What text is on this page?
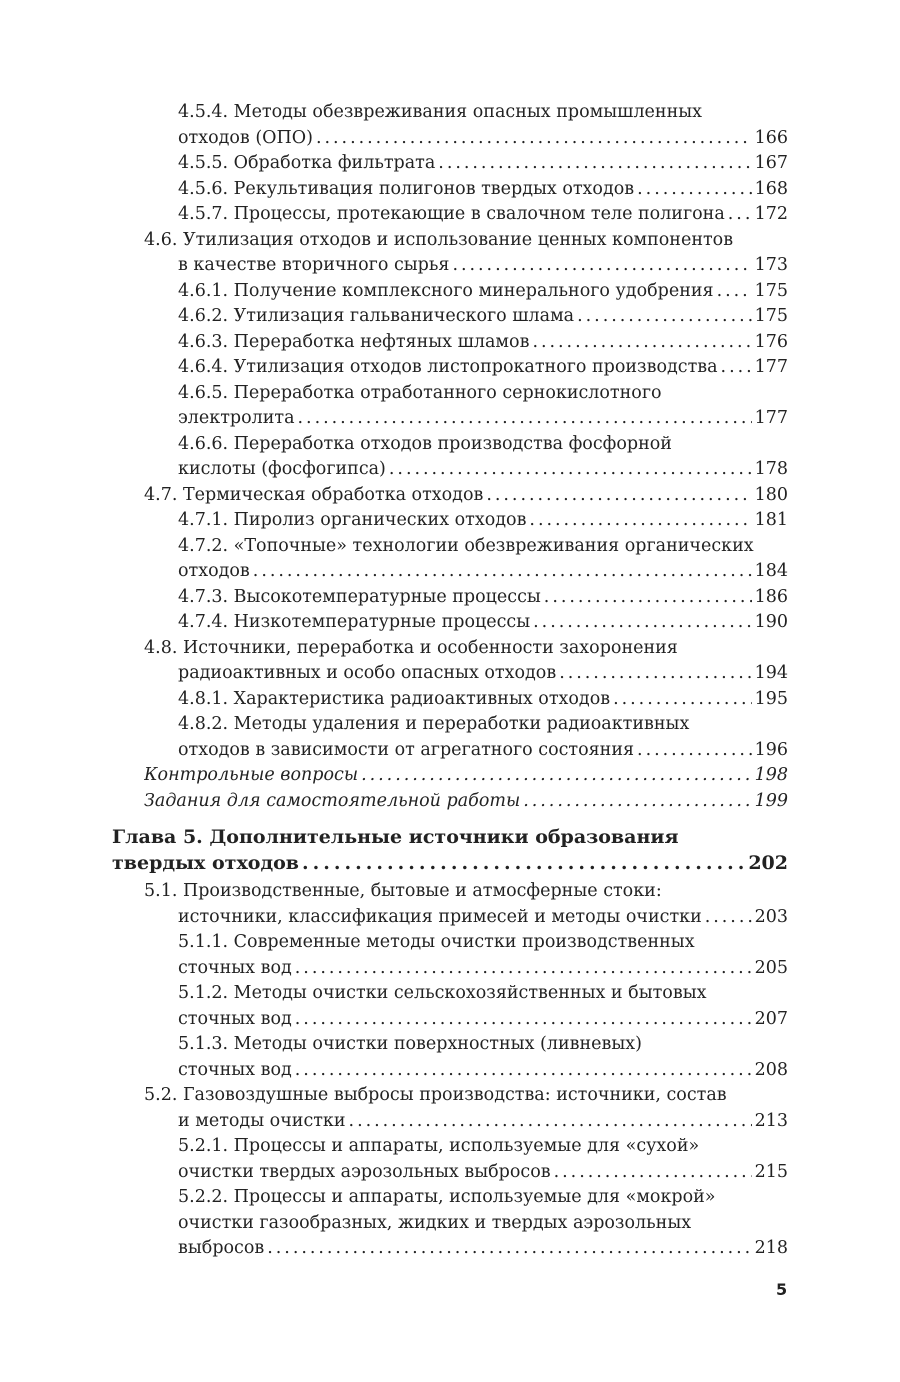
4.5.4. Методы обезвреживания опасных промышленных
отходов (ОПО) . . .	166
4.5.5. Обработка фильтрата . . .	167
4.5.6. Рекультивация полигонов твердых отходов . . .	168
4.5.7. Процессы, протекающие в свалочном теле полигона . . . 172
4.6. Утилизация отходов и использование ценных компонентов
в качестве вторичного сырья . . .	173
4.6.1. Получение комплексного минерального удобрения . . . 175
4.6.2. Утилизация гальванического шлама . . .	175
4.6.3. Переработка нефтяных шламов . . .	176
4.6.4. Утилизация отходов листопрокатного производства . . . 177
4.6.5. Переработка отработанного сернокислотного
электролита . . .	177
4.6.6. Переработка отходов производства фосфорной
кислоты (фосфогипса) . . .	178
4.7. Термическая обработка отходов . . .	180
4.7.1. Пиролиз органических отходов . . .	181
4.7.2. «Топочные» технологии обезвреживания органических
отходов . . .	184
4.7.3. Высокотемпературные процессы . . .	186
4.7.4. Низкотемпературные процессы . . .	190
4.8. Источники, переработка и особенности захоронения
радиоактивных и особо опасных отходов . . .	194
4.8.1. Характеристика радиоактивных отходов . . .	195
4.8.2. Методы удаления и переработки радиоактивных
отходов в зависимости от агрегатного состояния . . .	196
Контрольные вопросы . . .	198
Задания для самостоятельной работы . . .	199
Глава 5. Дополнительные источники образования
твердых отходов . . .	202
5.1. Производственные, бытовые и атмосферные стоки:
источники, классификация примесей и методы очистки . . .	203
5.1.1. Современные методы очистки производственных
сточных вод . . .	205
5.1.2. Методы очистки сельскохозяйственных и бытовых
сточных вод . . .	207
5.1.3. Методы очистки поверхностных (ливневых)
сточных вод . . .	208
5.2. Газовоздушные выбросы производства: источники, состав
и методы очистки . . .	213
5.2.1. Процессы и аппараты, используемые для «сухой»
очистки твердых аэрозольных выбросов . . .	215
5.2.2. Процессы и аппараты, используемые для «мокрой»
очистки газообразных, жидких и твердых аэрозольных
выбросов . . .	218
5
